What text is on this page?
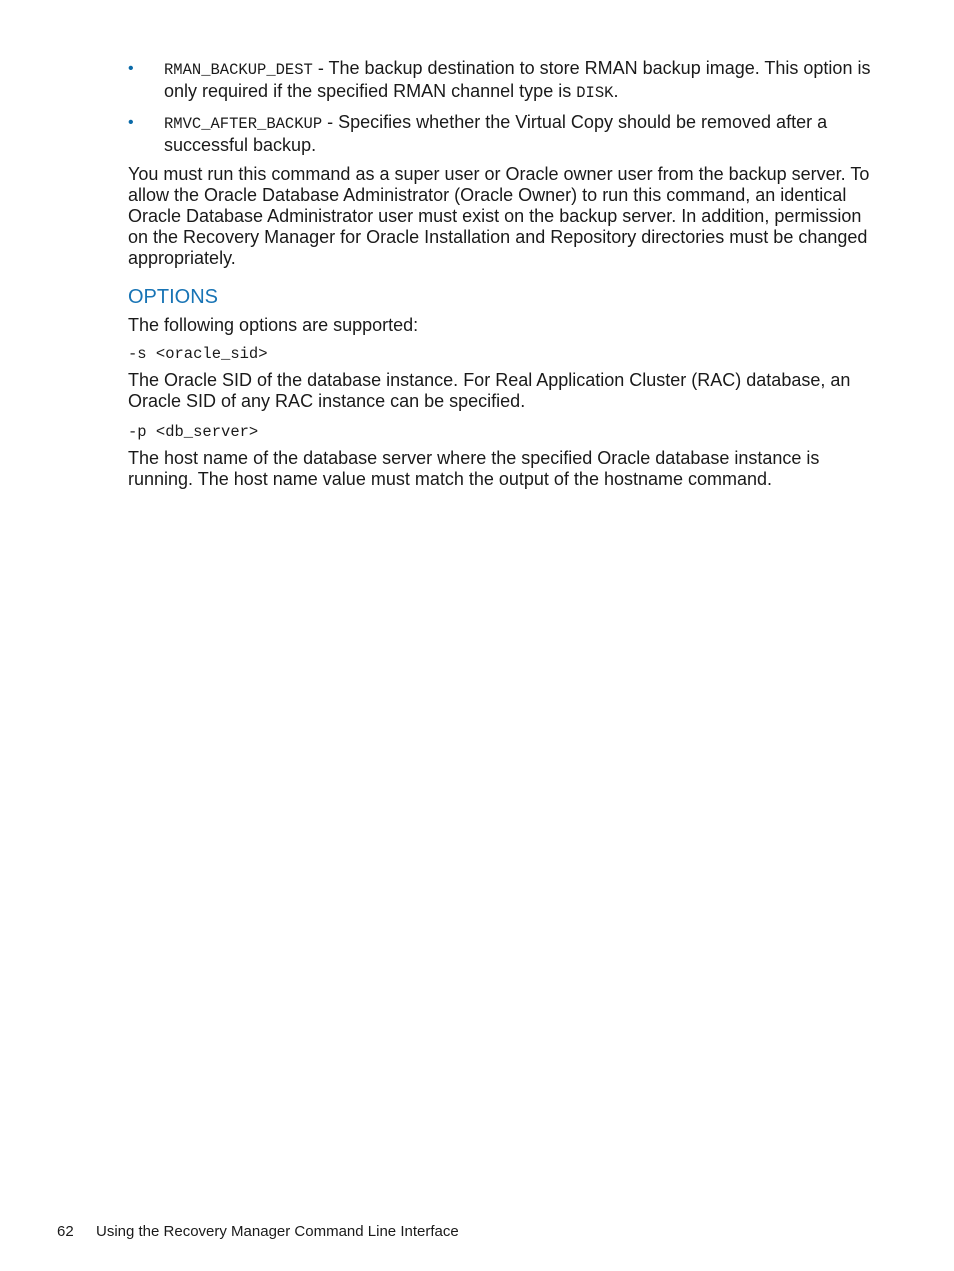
• RMAN_BACKUP_DEST - The backup destination to store RMAN backup image. This option is only required if the specified RMAN channel type is DISK.
• RMVC_AFTER_BACKUP - Specifies whether the Virtual Copy should be removed after a successful backup.

You must run this command as a super user or Oracle owner user from the backup server. To allow the Oracle Database Administrator (Oracle Owner) to run this command, an identical Oracle Database Administrator user must exist on the backup server. In addition, permission on the Recovery Manager for Oracle Installation and Repository directories must be changed appropriately.

OPTIONS

The following options are supported:

-s <oracle_sid>

The Oracle SID of the database instance. For Real Application Cluster (RAC) database, an Oracle SID of any RAC instance can be specified.

-p <db_server>

The host name of the database server where the specified Oracle database instance is running. The host name value must match the output of the hostname command.

62 Using the Recovery Manager Command Line Interface
